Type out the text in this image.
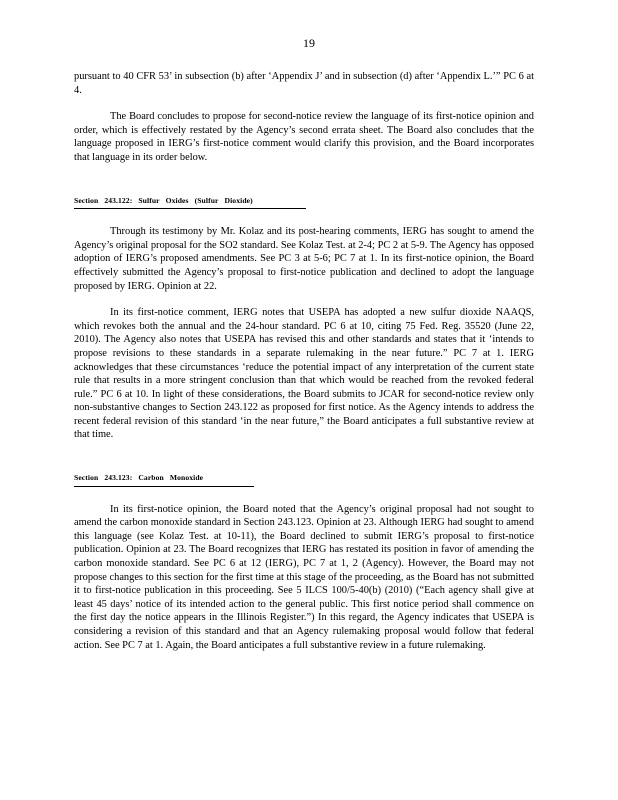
19

pursuant to 40 CFR 53’ in subsection (b) after ‘Appendix J’ and in subsection (d) after ‘Appendix L.’” PC 6 at 4.

The Board concludes to propose for second-notice review the language of its first-notice opinion and order, which is effectively restated by the Agency’s second errata sheet. The Board also concludes that the language proposed in IERG’s first-notice comment would clarify this provision, and the Board incorporates that language in its order below.

Section 243.122: Sulfur Oxides (Sulfur Dioxide)

Through its testimony by Mr. Kolaz and its post-hearing comments, IERG has sought to amend the Agency’s original proposal for the SO2 standard. See Kolaz Test. at 2-4; PC 2 at 5-9. The Agency has opposed adoption of IERG’s proposed amendments. See PC 3 at 5-6; PC 7 at 1. In its first-notice opinion, the Board effectively submitted the Agency’s proposal to first-notice publication and declined to adopt the language proposed by IERG. Opinion at 22.

In its first-notice comment, IERG notes that USEPA has adopted a new sulfur dioxide NAAQS, which revokes both the annual and the 24-hour standard. PC 6 at 10, citing 75 Fed. Reg. 35520 (June 22, 2010). The Agency also notes that USEPA has revised this and other standards and states that it ‘intends to propose revisions to these standards in a separate rulemaking in the near future.” PC 7 at 1. IERG acknowledges that these circumstances ‘reduce the potential impact of any interpretation of the current state rule that results in a more stringent conclusion than that which would be reached from the revoked federal rule.” PC 6 at 10. In light of these considerations, the Board submits to JCAR for second-notice review only non-substantive changes to Section 243.122 as proposed for first notice. As the Agency intends to address the recent federal revision of this standard ‘in the near future,” the Board anticipates a full substantive review at that time.

Section 243.123: Carbon Monoxide

In its first-notice opinion, the Board noted that the Agency’s original proposal had not sought to amend the carbon monoxide standard in Section 243.123. Opinion at 23. Although IERG had sought to amend this language (see Kolaz Test. at 10-11), the Board declined to submit IERG’s proposal to first-notice publication. Opinion at 23. The Board recognizes that IERG has restated its position in favor of amending the carbon monoxide standard. See PC 6 at 12 (IERG), PC 7 at 1, 2 (Agency). However, the Board may not propose changes to this section for the first time at this stage of the proceeding, as the Board has not submitted it to first-notice publication in this proceeding. See 5 ILCS 100/5-40(b) (2010) (“Each agency shall give at least 45 days’ notice of its intended action to the general public. This first notice period shall commence on the first day the notice appears in the Illinois Register.”) In this regard, the Agency indicates that USEPA is considering a revision of this standard and that an Agency rulemaking proposal would follow that federal action. See PC 7 at 1. Again, the Board anticipates a full substantive review in a future rulemaking.
